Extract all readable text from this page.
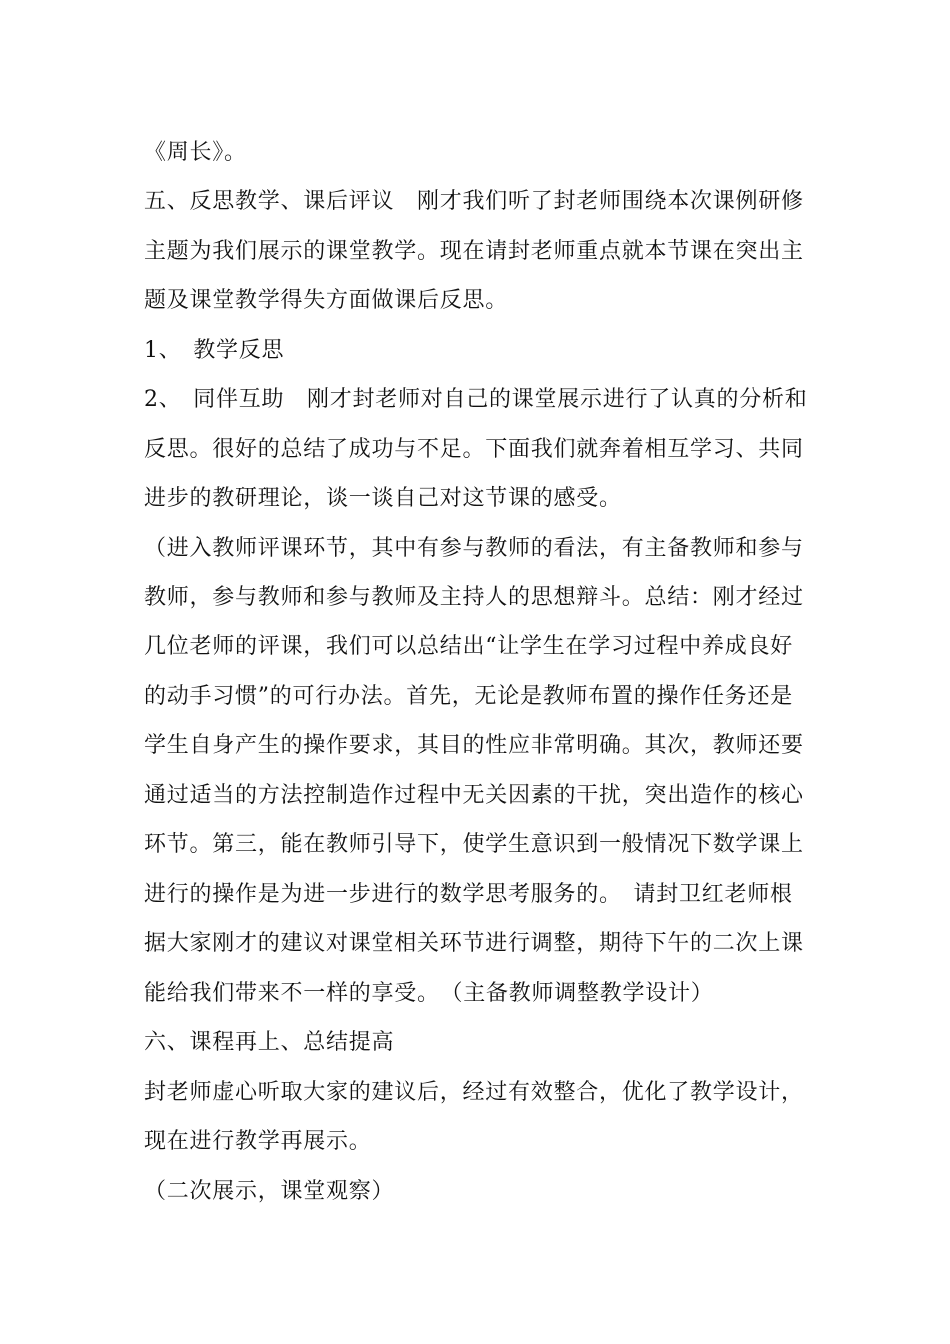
《周长》。
五、反思教学、课后评议　刚才我们听了封老师围绕本次课例研修
主题为我们展示的课堂教学。现在请封老师重点就本节课在突出主
题及课堂教学得失方面做课后反思。
1、　教学反思
2、　同伴互助　刚才封老师对自己的课堂展示进行了认真的分析和
反思。很好的总结了成功与不足。下面我们就奔着相互学习、共同
进步的教研理论，谈一谈自己对这节课的感受。
（进入教师评课环节，其中有参与教师的看法，有主备教师和参与
教师，参与教师和参与教师及主持人的思想辩斗。总结：刚才经过
几位老师的评课，我们可以总结出“让学生在学习过程中养成良好
的动手习惯”的可行办法。首先，无论是教师布置的操作任务还是
学生自身产生的操作要求，其目的性应非常明确。其次，教师还要
通过适当的方法控制造作过程中无关因素的干扰，突出造作的核心
环节。第三，能在教师引导下，使学生意识到一般情况下数学课上
进行的操作是为进一步进行的数学思考服务的。　请封卫红老师根
据大家刚才的建议对课堂相关环节进行调整，期待下午的二次上课
能给我们带来不一样的享受。　（主备教师调整教学设计）
六、课程再上、总结提高
封老师虚心听取大家的建议后，经过有效整合，优化了教学设计，
现在进行教学再展示。
（二次展示，课堂观察）
